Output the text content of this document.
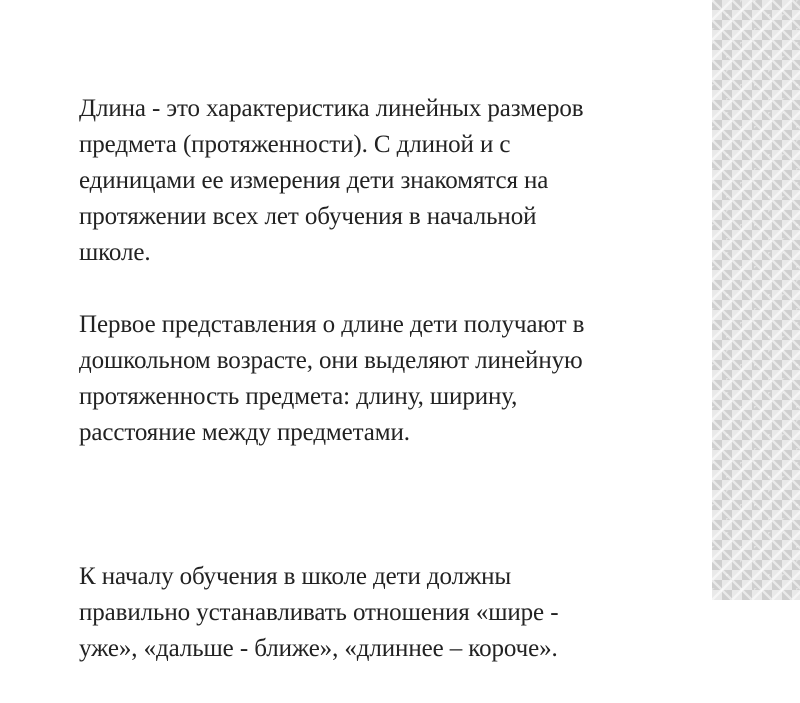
Длина - это характеристика линейных размеров
предмета (протяженности). С длиной и с
единицами ее измерения дети знакомятся на
протяжении всех лет обучения в начальной
школе.

Первое представления о длине дети получают в
дошкольном возрасте, они выделяют линейную
протяженность предмета: длину, ширину,
расстояние между предметами.

К началу обучения в школе дети должны
правильно устанавливать отношения «шире -
уже», «дальше - ближе», «длиннее – короче».
